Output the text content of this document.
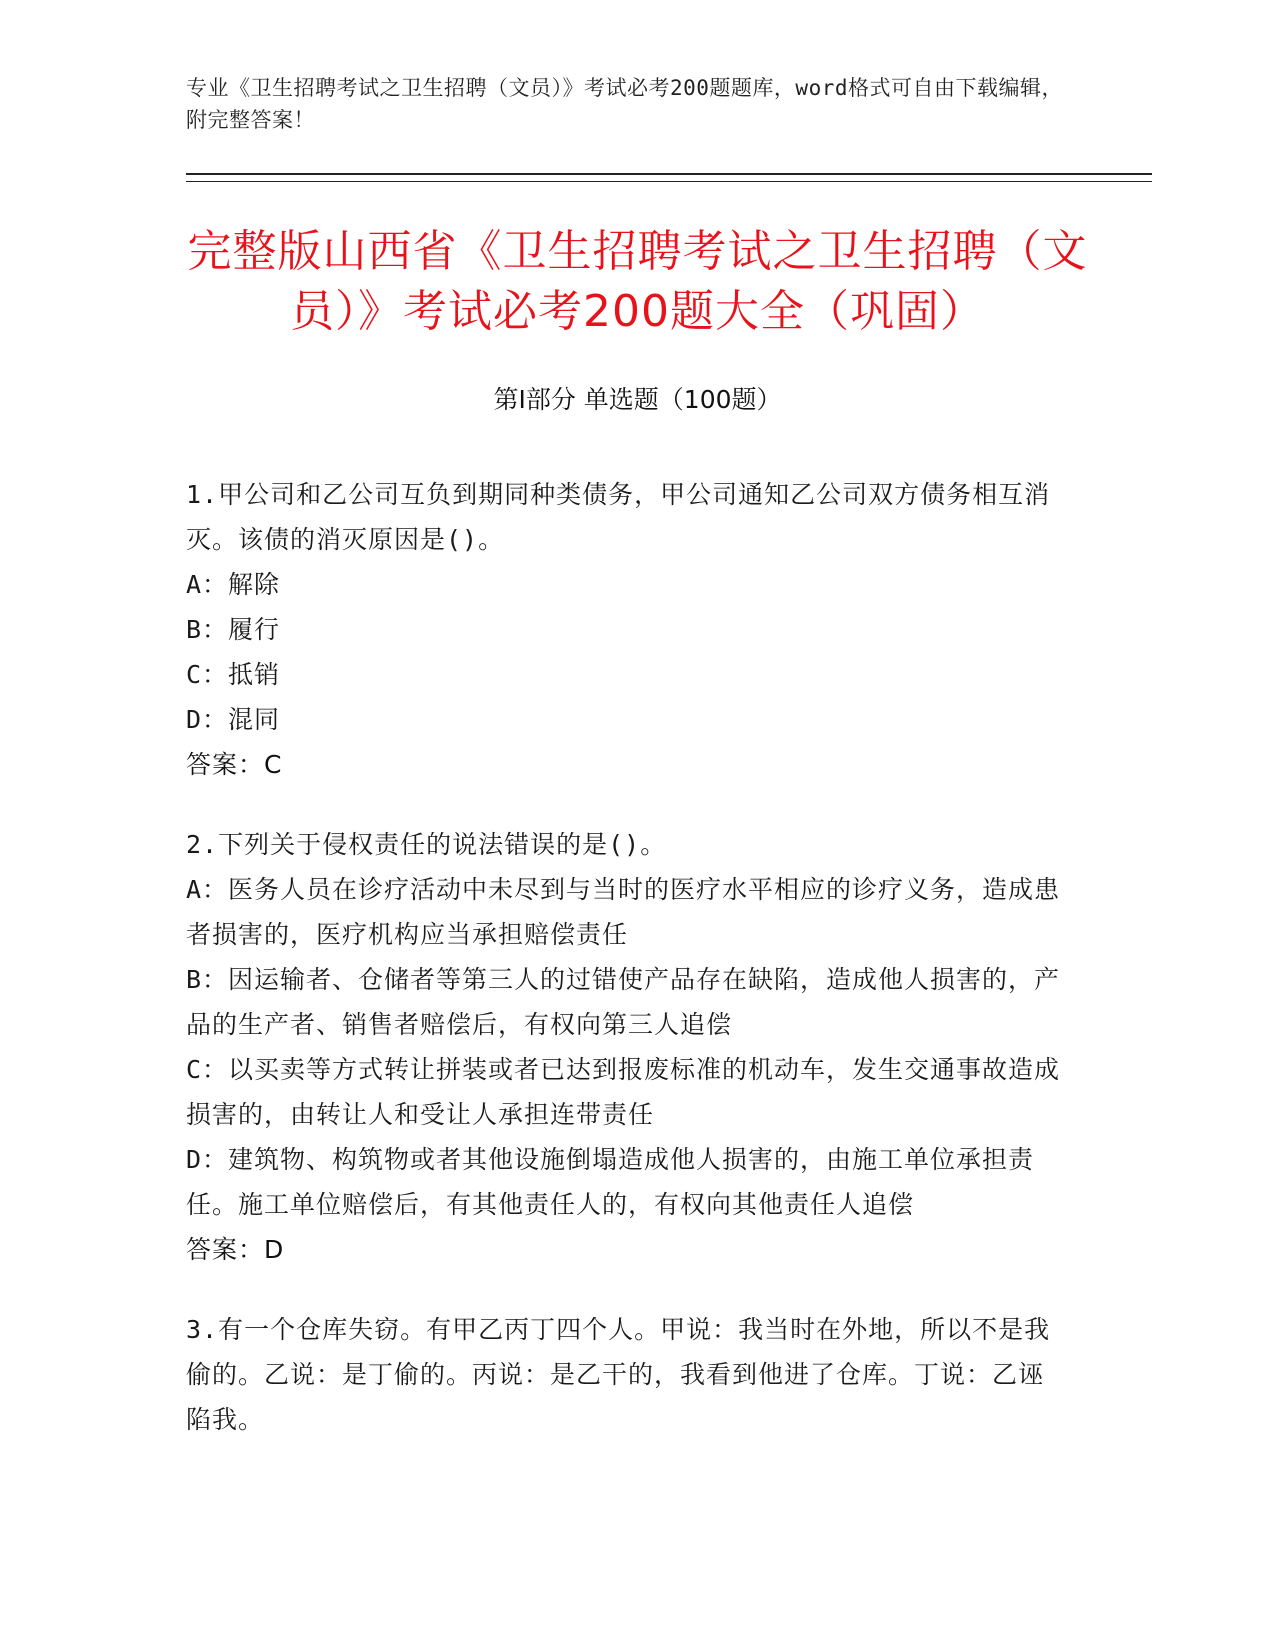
专业《卫生招聘考试之卫生招聘（文员）》考试必考200题题库，word格式可自由下载编辑，附完整答案！
完整版山西省《卫生招聘考试之卫生招聘（文员）》考试必考200题大全（巩固）
第Ⅰ部分 单选题（100题）

1.甲公司和乙公司互负到期同种类债务，甲公司通知乙公司双方债务相互消灭。该债的消灭原因是()。

A：解除

B：履行

C：抵销

D：混同

答案：C

2.下列关于侵权责任的说法错误的是()。

A：医务人员在诊疗活动中未尽到与当时的医疗水平相应的诊疗义务，造成患者损害的，医疗机构应当承担赔偿责任

B：因运输者、仓储者等第三人的过错使产品存在缺陷，造成他人损害的，产品的生产者、销售者赔偿后，有权向第三人追偿

C：以买卖等方式转让拼装或者已达到报废标准的机动车，发生交通事故造成损害的，由转让人和受让人承担连带责任

D：建筑物、构筑物或者其他设施倒塌造成他人损害的，由施工单位承担责任。施工单位赔偿后，有其他责任人的，有权向其他责任人追偿

答案：D

3.有一个仓库失窃。有甲乙丙丁四个人。甲说：我当时在外地，所以不是我偷的。乙说：是丁偷的。丙说：是乙干的，我看到他进了仓库。丁说：乙诬陷我。
